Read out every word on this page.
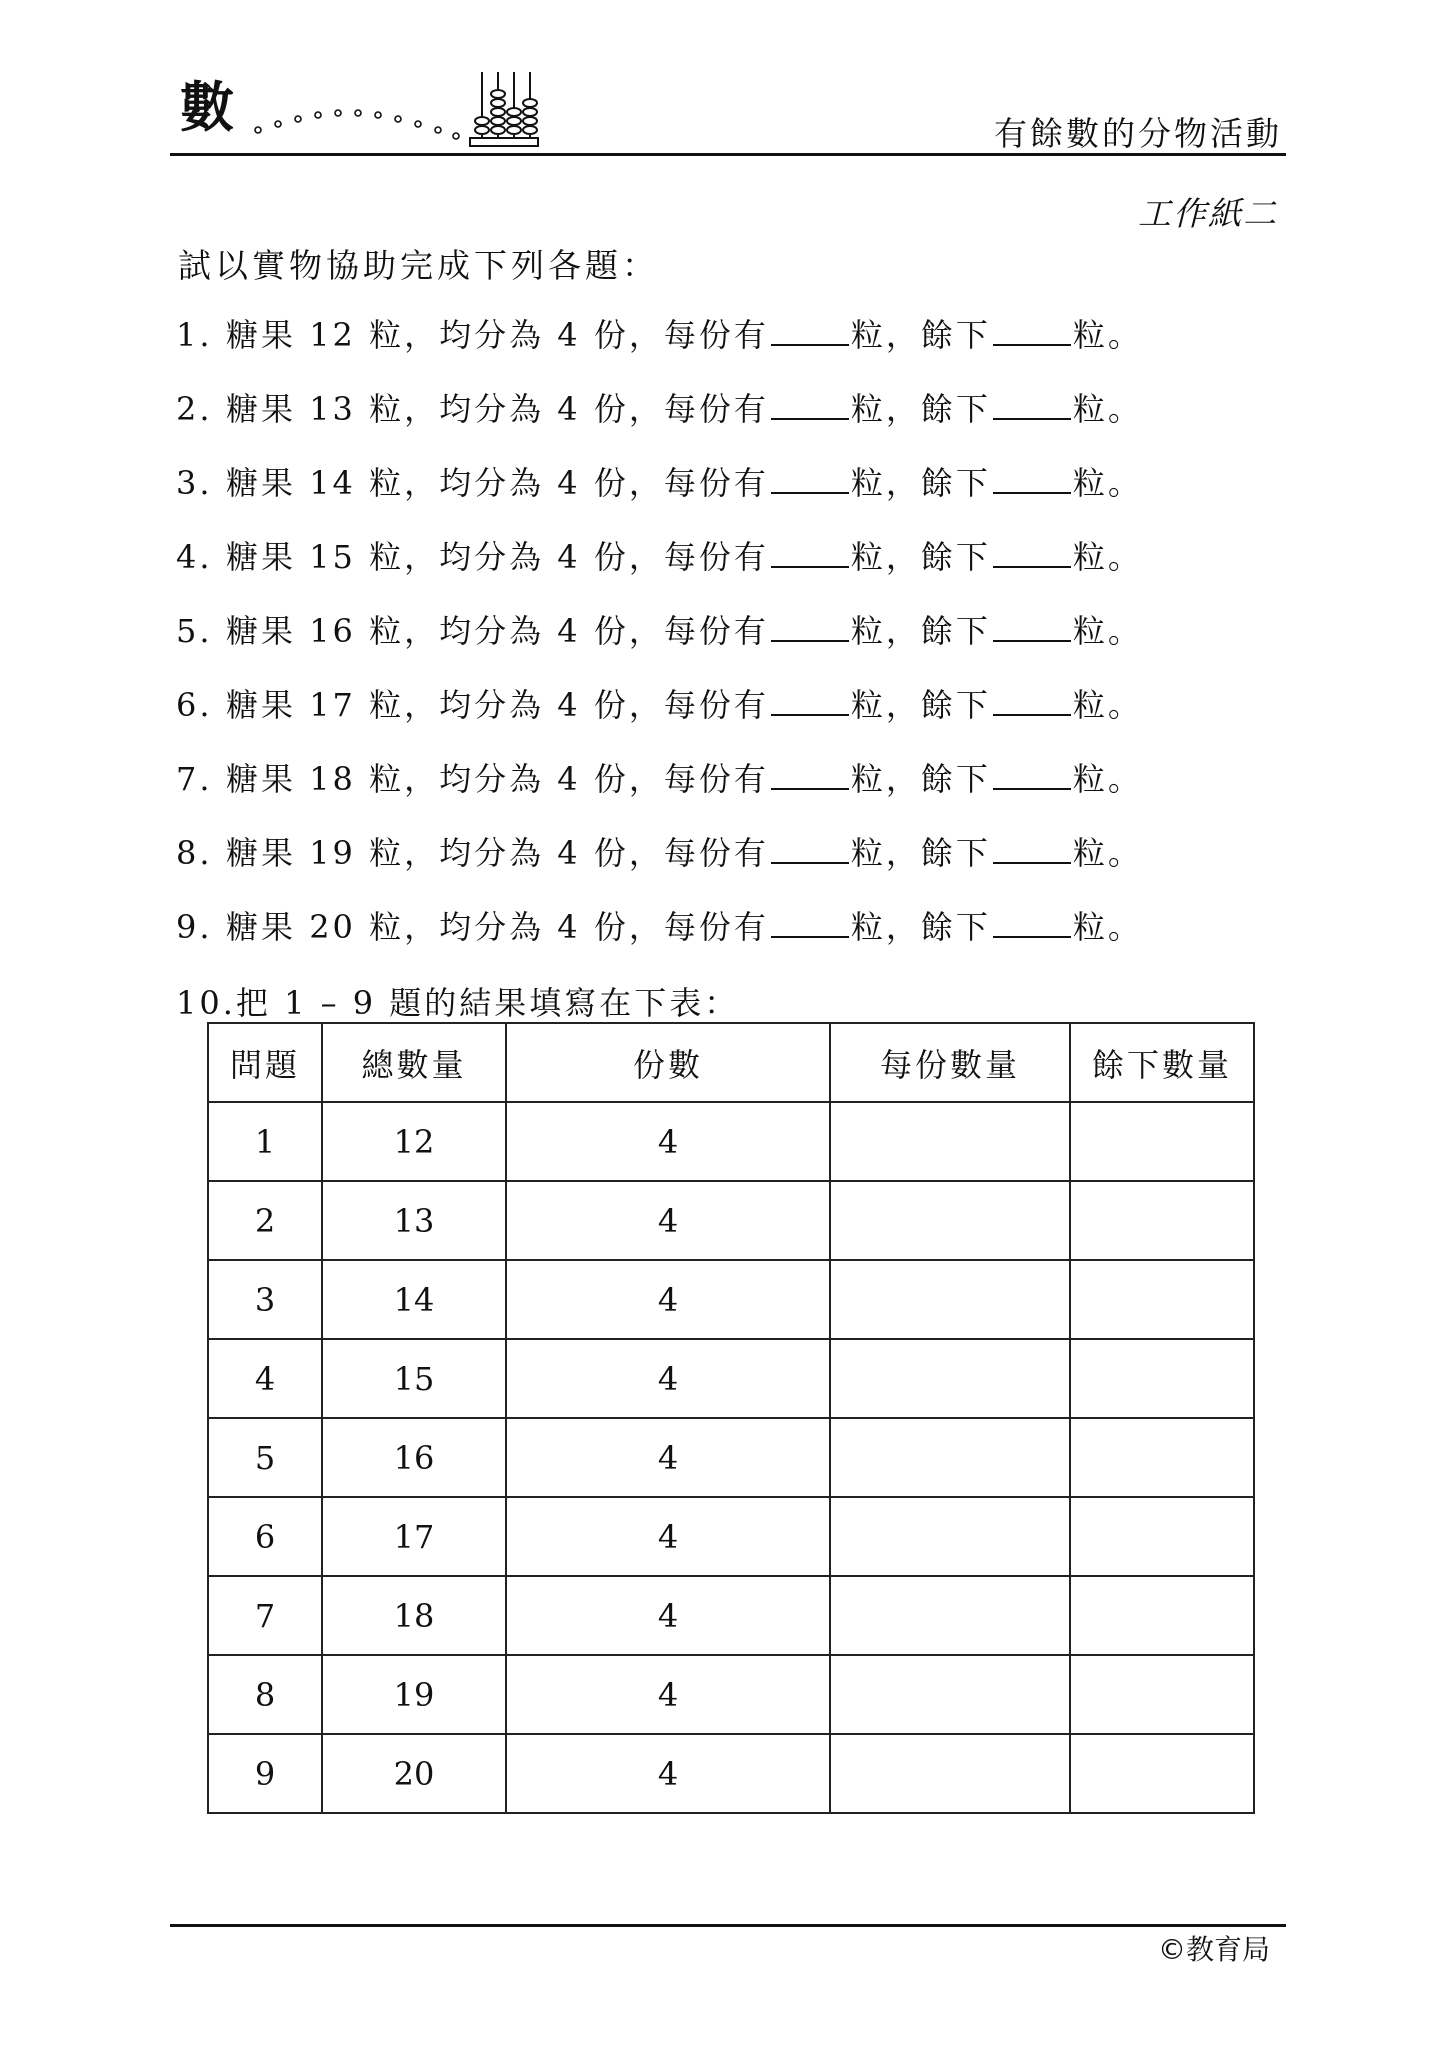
數	有餘數的分物活動
工作紙二
試以實物協助完成下列各題：
1. 糖果
12
粒 ，均分為
4
份 ，每份有	粒 ，餘下	粒。
2. 糖果
13
粒 ，均分為
4
份 ，每份有	粒 ，餘下	粒。
3. 糖果
14
粒 ，均分為
4
份 ，每份有	粒 ，餘下	粒。
4. 糖果
15
粒 ，均分為
4
份 ，每份有	粒 ，餘下	粒。
5. 糖果
16
粒 ，均分為
4
份 ，每份有	粒 ，餘下	粒。
6. 糖果
17
粒 ，均分為
4
份 ，每份有	粒 ，餘下	粒。
7. 糖果
18
粒 ，均分為
4
份 ，每份有	粒 ，餘下	粒。
8. 糖果
19
粒 ，均分為
4
份 ，每份有	粒 ，餘下	粒。
9. 糖果
20
粒 ，均分為
4
份 ，每份有	粒 ，餘下	粒。
10.把 1 – 9 題的結果填寫在下表：
問題	總數量	份數	每份數量	餘下數量
1	12	4		
2	13	4		
3	14	4		
4	15	4		
5	16	4		
6	17	4		
7	18	4		
8	19	4		
9	20	4		
©教育局
